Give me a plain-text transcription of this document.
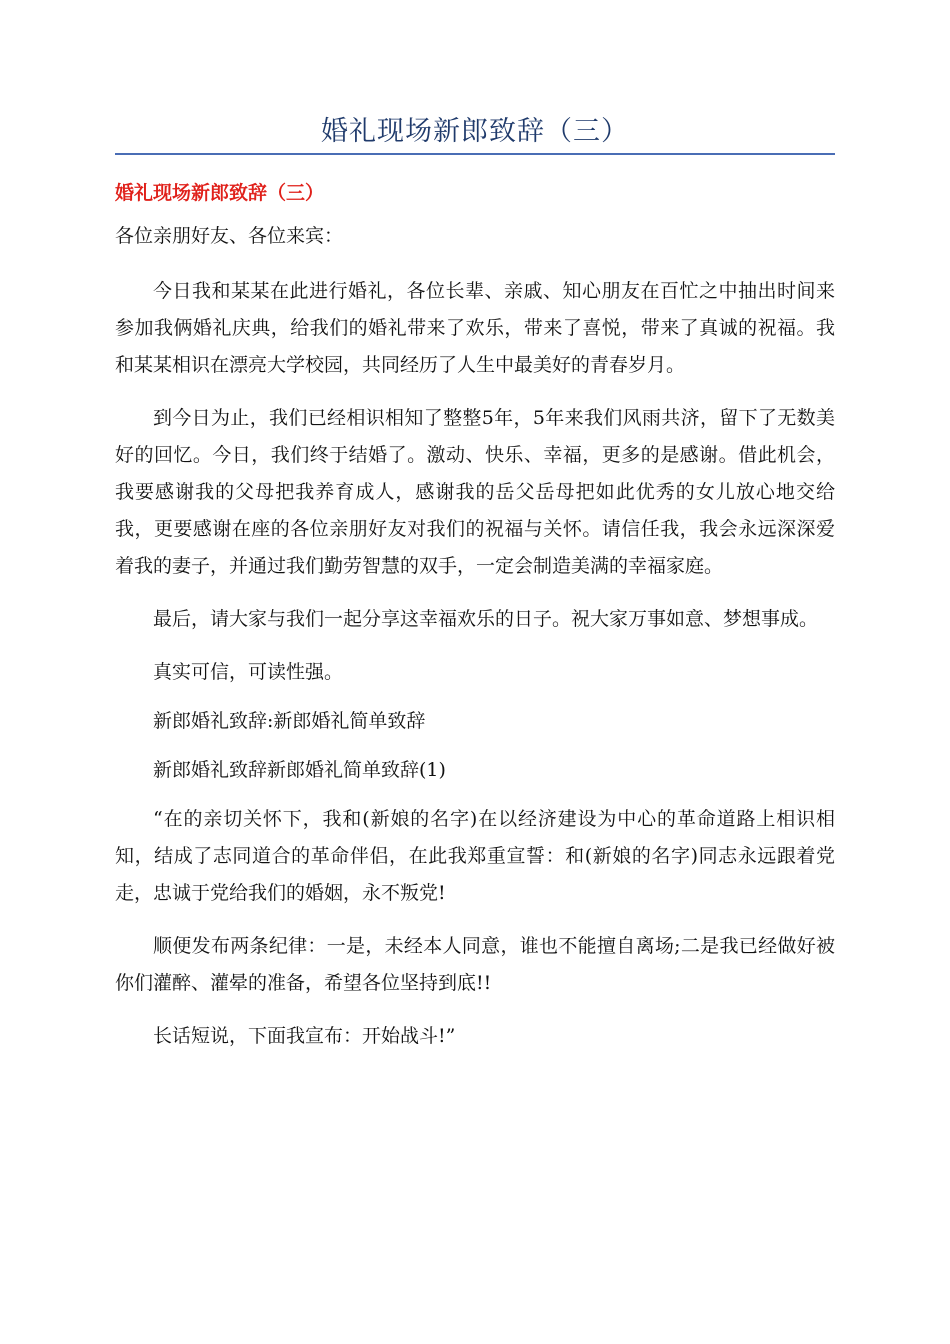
婚礼现场新郎致辞（三）
婚礼现场新郎致辞（三）

各位亲朋好友、各位来宾：

今日我和某某在此进行婚礼，各位长辈、亲戚、知心朋友在百忙之中抽出时间来参加我俩婚礼庆典，给我们的婚礼带来了欢乐，带来了喜悦，带来了真诚的祝福。我和某某相识在漂亮大学校园，共同经历了人生中最美好的青春岁月。

到今日为止，我们已经相识相知了整整5年，5年来我们风雨共济，留下了无数美好的回忆。今日，我们终于结婚了。激动、快乐、幸福，更多的是感谢。借此机会，我要感谢我的父母把我养育成人，感谢我的岳父岳母把如此优秀的女儿放心地交给我，更要感谢在座的各位亲朋好友对我们的祝福与关怀。请信任我，我会永远深深爱着我的妻子，并通过我们勤劳智慧的双手，一定会制造美满的幸福家庭。

最后，请大家与我们一起分享这幸福欢乐的日子。祝大家万事如意、梦想事成。

真实可信，可读性强。

新郎婚礼致辞:新郎婚礼简单致辞

新郎婚礼致辞新郎婚礼简单致辞(1)

“在的亲切关怀下，我和(新娘的名字)在以经济建设为中心的革命道路上相识相知，结成了志同道合的革命伴侣，在此我郑重宣誓：和(新娘的名字)同志永远跟着党走，忠诚于党给我们的婚姻，永不叛党!

顺便发布两条纪律：一是，未经本人同意，谁也不能擅自离场;二是我已经做好被你们灌醉、灌晕的准备，希望各位坚持到底!!

长话短说，下面我宣布：开始战斗!”
